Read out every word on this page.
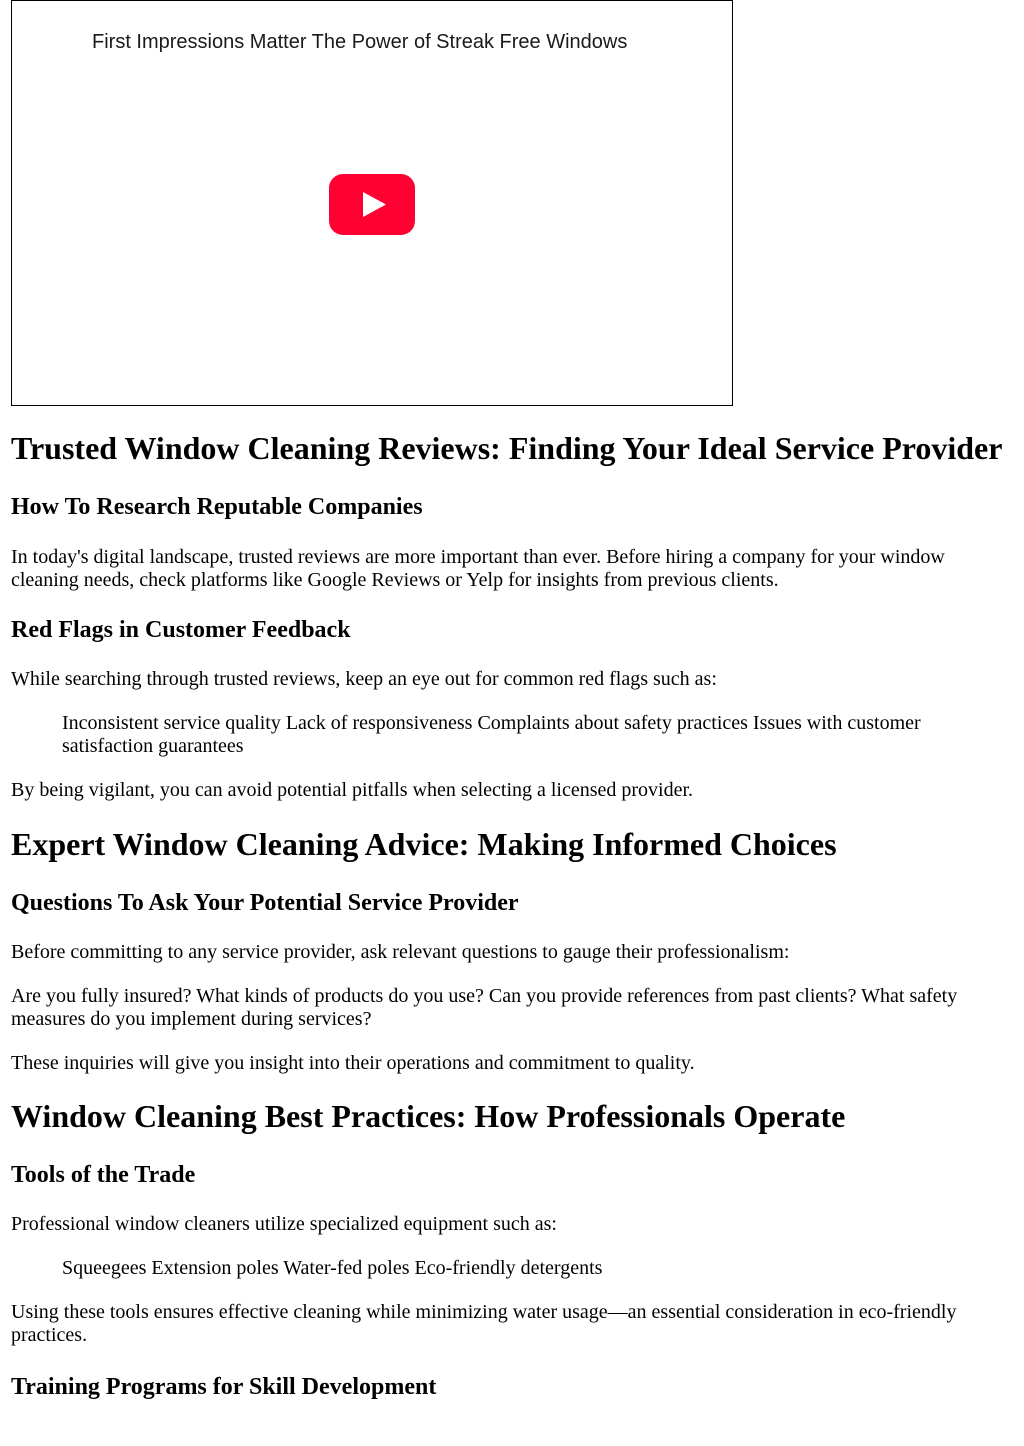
First Impressions Matter The Power of Streak Free Windows
Trusted Window Cleaning Reviews: Finding Your Ideal Service Provider
How To Research Reputable Companies

In today's digital landscape, trusted reviews are more important than ever. Before hiring a company for your window cleaning needs, check platforms like Google Reviews or Yelp for insights from previous clients.

Red Flags in Customer Feedback

While searching through trusted reviews, keep an eye out for common red flags such as:

Inconsistent service quality Lack of responsiveness Complaints about safety practices Issues with customer satisfaction guarantees

By being vigilant, you can avoid potential pitfalls when selecting a licensed provider.

Expert Window Cleaning Advice: Making Informed Choices
Questions To Ask Your Potential Service Provider

Before committing to any service provider, ask relevant questions to gauge their professionalism:

Are you fully insured? What kinds of products do you use? Can you provide references from past clients? What safety measures do you implement during services?

These inquiries will give you insight into their operations and commitment to quality.

Window Cleaning Best Practices: How Professionals Operate
Tools of the Trade

Professional window cleaners utilize specialized equipment such as:

Squeegees Extension poles Water-fed poles Eco-friendly detergents

Using these tools ensures effective cleaning while minimizing water usage—an essential consideration in eco-friendly practices.

Training Programs for Skill Development
